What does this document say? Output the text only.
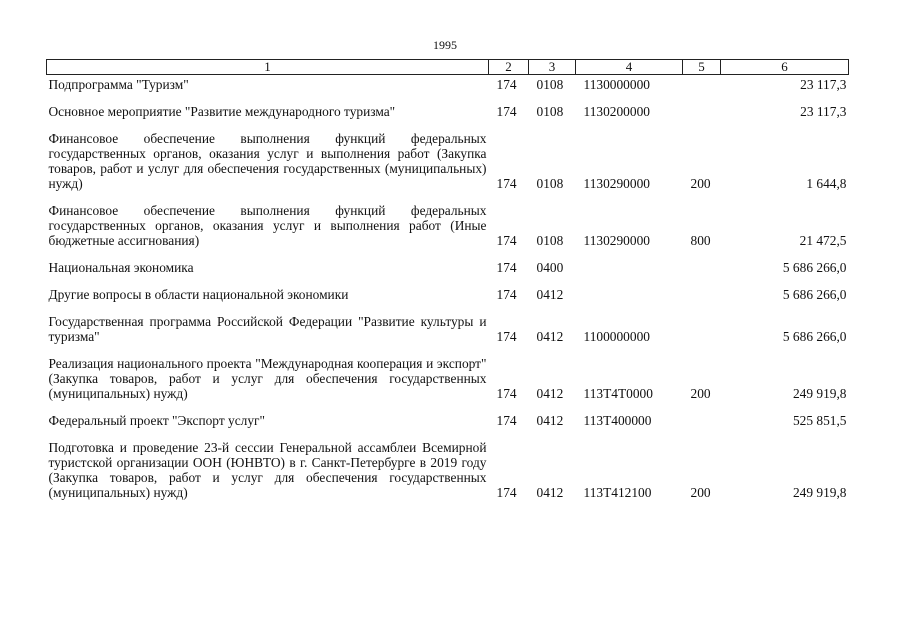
1995
1	2	3	4	5	6
Подпрограмма "Туризм"	174	0108	1130000000		23 117,3
Основное мероприятие "Развитие международного туризма"	174	0108	1130200000		23 117,3
Финансовое обеспечение выполнения функций федеральных государственных органов, оказания услуг и выполнения работ (Закупка товаров, работ и услуг для обеспечения государственных (муниципальных) нужд)	174	0108	1130290000	200	1 644,8
Финансовое обеспечение выполнения функций федеральных государственных органов, оказания услуг и выполнения работ (Иные бюджетные ассигнования)	174	0108	1130290000	800	21 472,5
Национальная экономика	174	0400			5 686 266,0
Другие вопросы в области национальной экономики	174	0412			5 686 266,0
Государственная программа Российской Федерации "Развитие культуры и туризма"	174	0412	1100000000		5 686 266,0
Реализация национального проекта "Международная кооперация и экспорт" (Закупка товаров, работ и услуг для обеспечения государственных (муниципальных) нужд)	174	0412	113Т4Т0000	200	249 919,8
Федеральный проект "Экспорт услуг"	174	0412	113Т400000		525 851,5
Подготовка и проведение 23-й сессии Генеральной ассамблеи Всемирной туристской организации ООН (ЮНВТО) в г. Санкт-Петербурге в 2019 году (Закупка товаров, работ и услуг для обеспечения государственных (муниципальных) нужд)	174	0412	113Т412100	200	249 919,8
